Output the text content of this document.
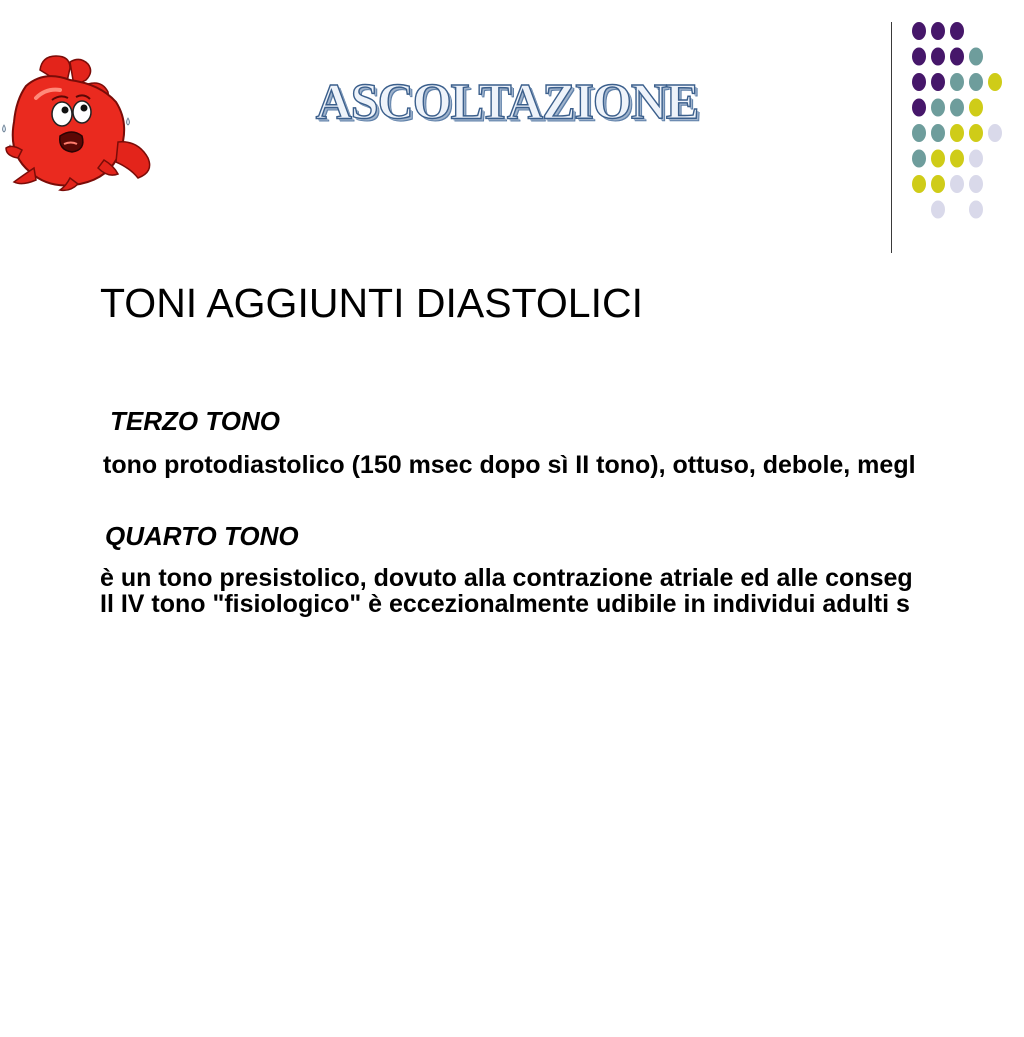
ASCOLTAZIONE
TONI AGGIUNTI DIASTOLICI
TERZO TONO
tono protodiastolico (150 msec dopo sì II tono), ottuso, debole, megl
QUARTO TONO
è un tono presistolico, dovuto alla contrazione atriale ed alle conseg
Il IV tono "fisiologico" è eccezionalmente udibile in individui adulti s
